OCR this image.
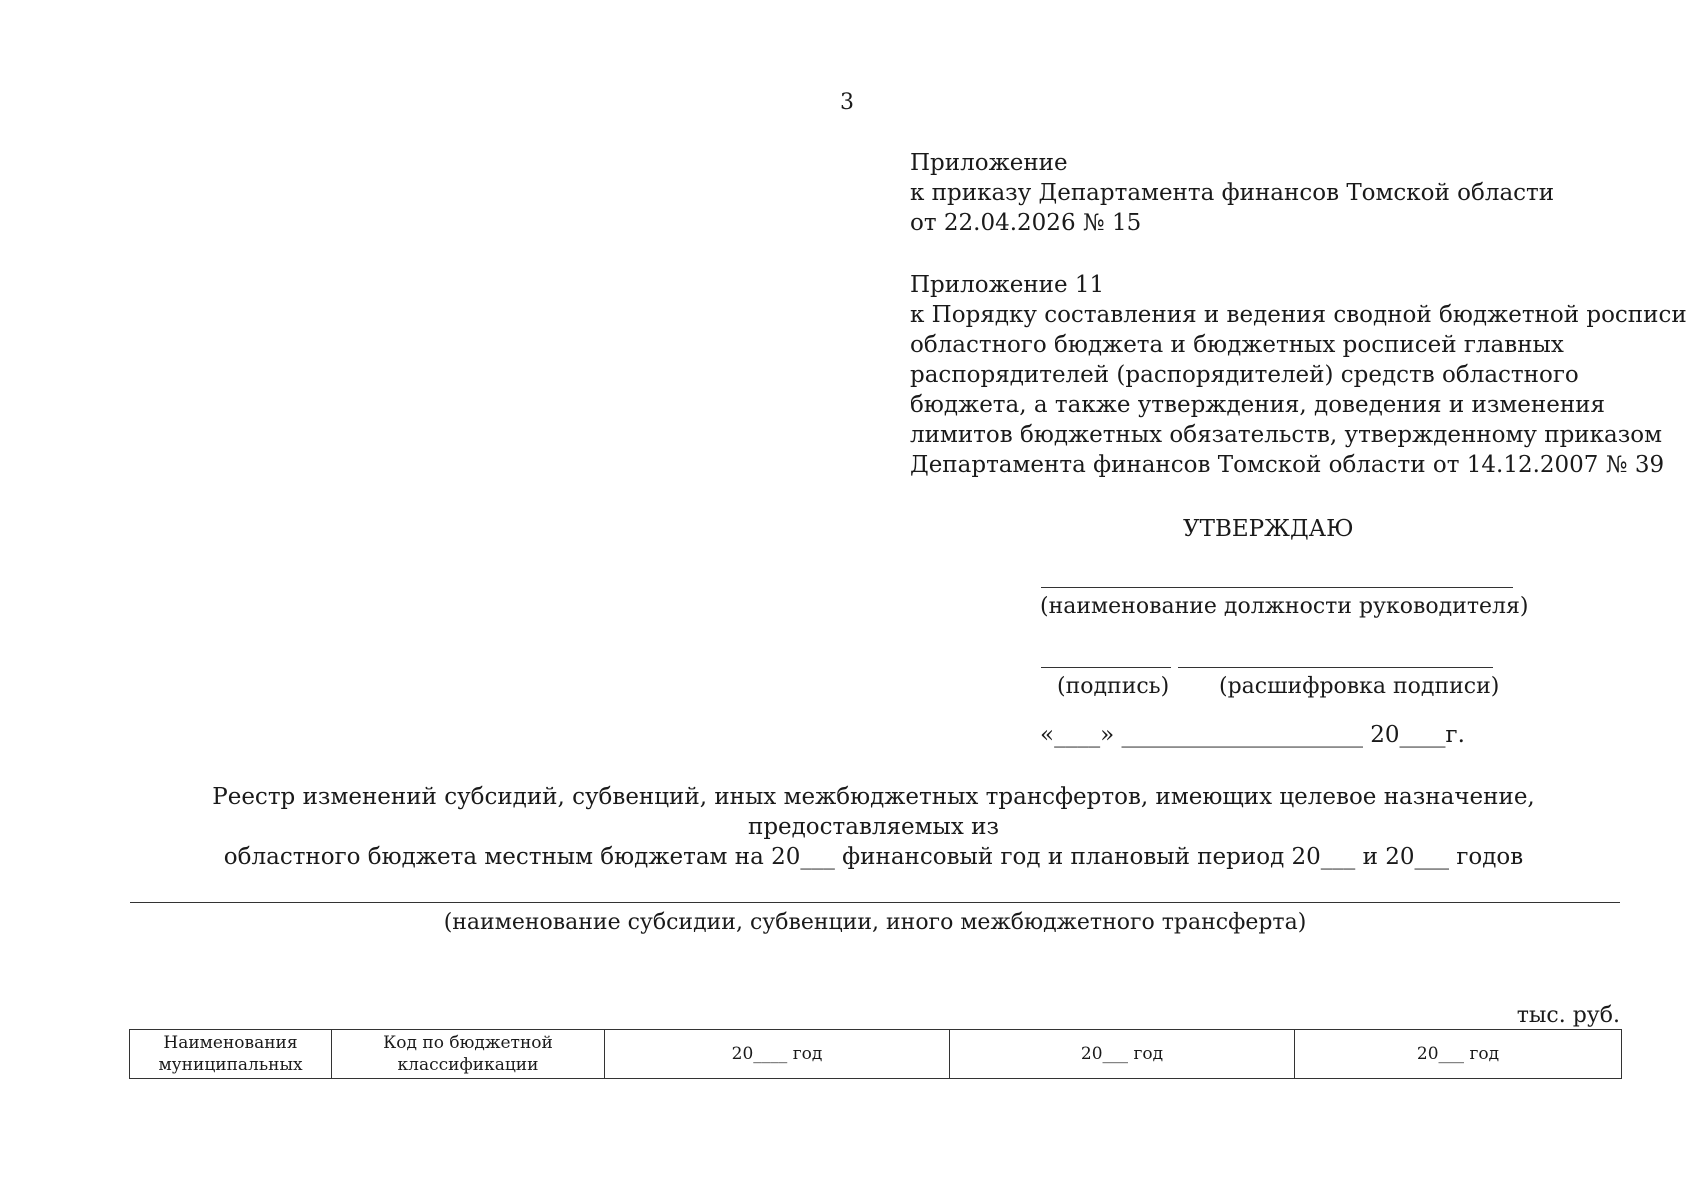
3
Приложение
к приказу Департамента финансов Томской области
от 22.04.2026 № 15
Приложение 11
к Порядку составления и ведения сводной бюджетной росписи
областного бюджета и бюджетных росписей главных
распорядителей (распорядителей) средств областного
бюджета, а также утверждения, доведения и изменения
лимитов бюджетных обязательств, утвержденному приказом
Департамента финансов Томской области от 14.12.2007 № 39
УТВЕРЖДАЮ
(наименование должности руководителя)
(подпись) (расшифровка подписи)
«____» _____________________ 20____г.
Реестр изменений субсидий, субвенций, иных межбюджетных трансфертов, имеющих целевое назначение, предоставляемых из
областного бюджета местным бюджетам на 20___ финансовый год и плановый период 20___ и 20___ годов
(наименование субсидии, субвенции, иного межбюджетного трансферта)
тыс. руб.
Наименования муниципальных	Код по бюджетной классификации	20____ год	20___ год	20___ год
